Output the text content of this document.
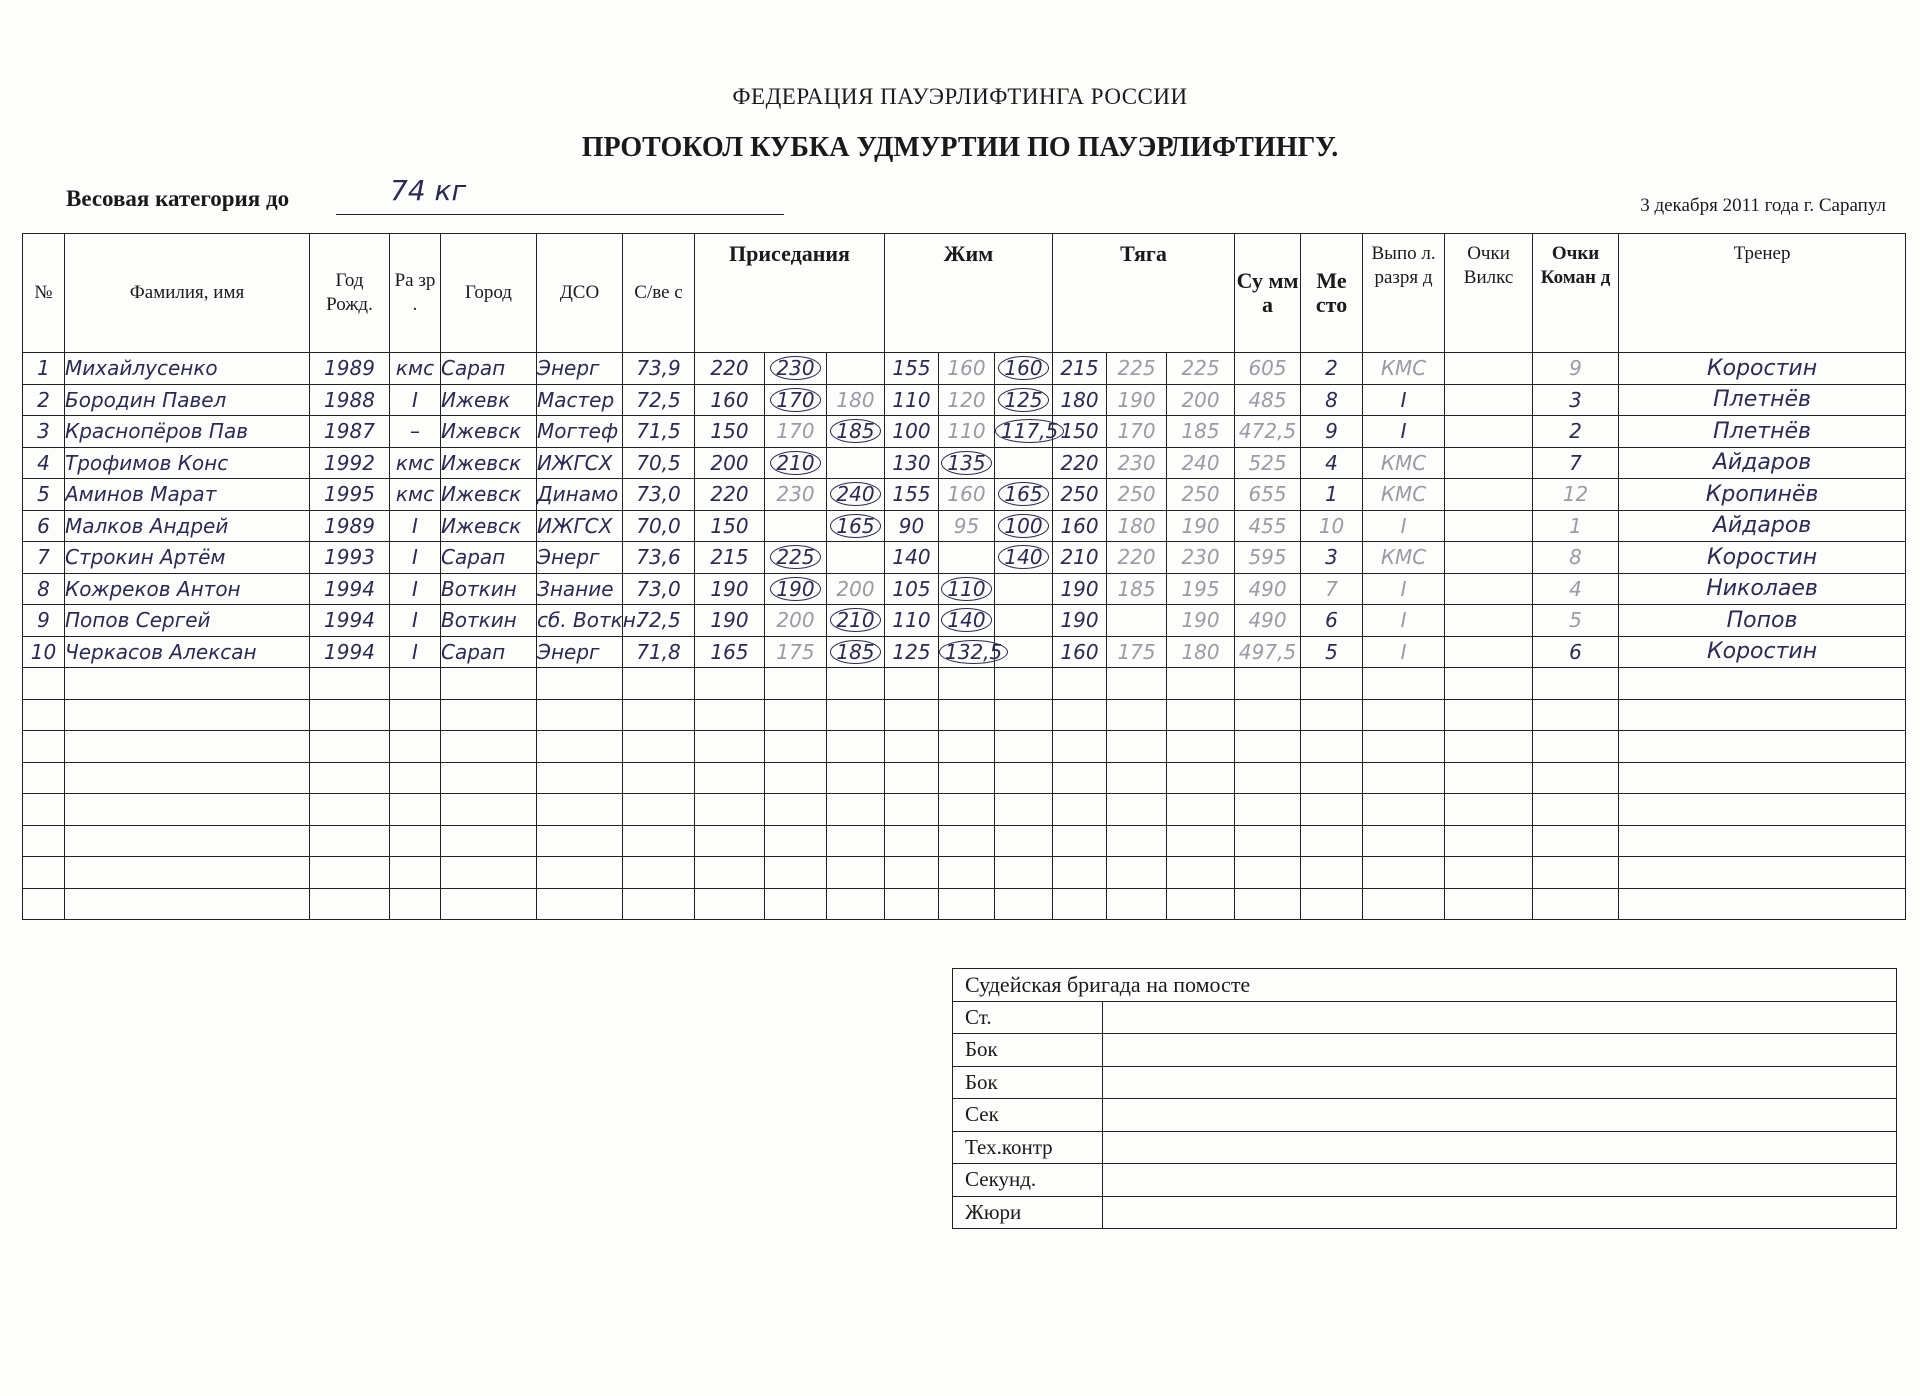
ФЕДЕРАЦИЯ ПАУЭРЛИФТИНГА РОССИИ
ПРОТОКОЛ КУБКА УДМУРТИИ ПО ПАУЭРЛИФТИНГУ.
Весовая категория до	74 кг	3 декабря 2011 года г. Сарапул
№	Фамилия, имя	Год Рожд.	Ра зр .	Город	ДСО	С/ве с	Приседания			Жим			Тяга			Су мм а	Ме сто	Выпо л. разря д	Очки Вилкс	Очки Коман д	Тренер
1	Михайлусенко	1989	кмс	Сарап	Энерг	73,9	220	230		155	160	160	215	225	225	605	2	КМС		9	Коростин
2	Бородин Павел	1988	I	Ижевк	Мастер	72,5	160	170	180	110	120	125	180	190	200	485	8	I		3	Плетнёв
3	Краснопёров Пав	1987	–	Ижевск	Могтеф	71,5	150	170	185	100	110	117,5	150	170	185	472,5	9	I		2	Плетнёв
4	Трофимов Конс	1992	кмс	Ижевск	ИЖГСХ	70,5	200	210		130	135		220	230	240	525	4	КМС		7	Айдаров
5	Аминов Марат	1995	кмс	Ижевск	Динамо	73,0	220	230	240	155	160	165	250	250	250	655	1	КМС		12	Кропинёв
6	Малков Андрей	1989	I	Ижевск	ИЖГСХ	70,0	150		165	90	95	100	160	180	190	455	10	I		1	Айдаров
7	Строкин Артём	1993	I	Сарап	Энерг	73,6	215	225		140		140	210	220	230	595	3	КМС		8	Коростин
8	Кожреков Антон	1994	I	Воткин	Знание	73,0	190	190	200	105	110		190	185	195	490	7	I		4	Николаев
9	Попов Сергей	1994	I	Воткин	сб. Воткн.	72,5	190	200	210	110	140		190		190	490	6	I		5	Попов
10	Черкасов Алексан	1994	I	Сарап	Энерг	71,8	165	175	185	125	132,5		160	175	180	497,5	5	I		6	Коростин

Судейская бригада на помосте	
Ст.	
Бок	
Бок	
Сек	
Тех.контр	
Секунд.	
Жюри	
